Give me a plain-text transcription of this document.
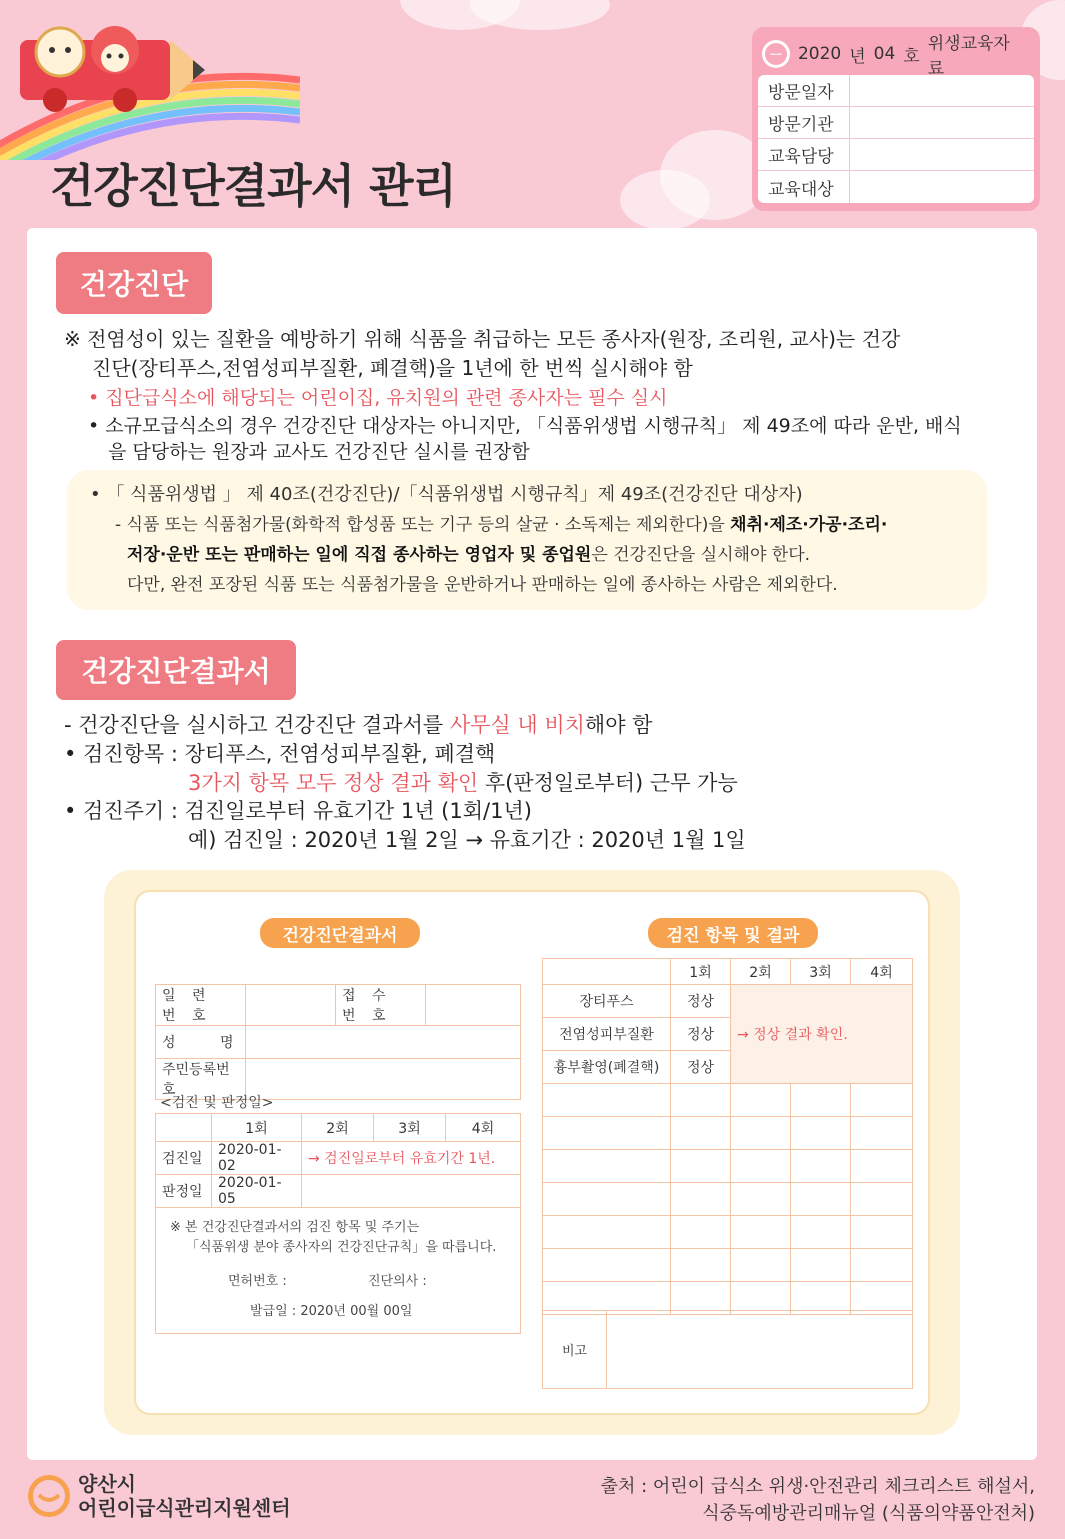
건강진단결과서 관리
ㅡ 2020 년 04 호
위생교육자료
방문일자
방문기관
교육담당
교육대상
건강진단
※ 전염성이 있는 질환을 예방하기 위해 식품을 취급하는 모든 종사자(원장, 조리원, 교사)는 건강
진단(장티푸스,전염성피부질환, 폐결핵)을 1년에 한 번씩 실시해야 함
• 집단급식소에 해당되는 어린이집, 유치원의 관련 종사자는 필수 실시
• 소규모급식소의 경우 건강진단 대상자는 아니지만, 「식품위생법 시행규칙」 제 49조에 따라 운반, 배식
을 담당하는 원장과 교사도 건강진단 실시를 권장함
• 「 식품위생법 」 제 40조(건강진단)/「식품위생법 시행규칙」제 49조(건강진단 대상자)
- 식품 또는 식품첨가물(화학적 합성품 또는 기구 등의 살균 · 소독제는 제외한다)을 채취·제조·가공·조리·
저장·운반 또는 판매하는 일에 직접 종사하는 영업자 및 종업원은 건강진단을 실시해야 한다.
다만, 완전 포장된 식품 또는 식품첨가물을 운반하거나 판매하는 일에 종사하는 사람은 제외한다.
건강진단결과서
- 건강진단을 실시하고 건강진단 결과서를 사무실 내 비치해야 함
• 검진항목 : 장티푸스, 전염성피부질환, 폐결핵
3가지 항목 모두 정상 결과 확인 후(판정일로부터) 근무 가능
• 검진주기 : 검진일로부터 유효기간 1년 (1회/1년)
예) 검진일 : 2020년 1월 2일 → 유효기간 : 2020년 1월 1일
건강진단결과서	검진 항목 및 결과
일 련 번 호		접 수 번 호	
성          명			
주민등록번호			
<검진 및 판정일>
	1회	2회	3회	4회
검진일	2020-01-02	→ 검진일로부터 유효기간 1년.		
판정일	2020-01-05			

※ 본 건강진단결과서의 검진 항목 및 주기는
「식품위생 분야 종사자의 건강진단규칙」을 따릅니다.
면허번호 :	진단의사 :
발급일 : 2020년 00월 00일
	1회	2회	3회	4회
장티푸스	정상	→ 정상 결과 확인.		
전염성피부질환	정상			
흉부촬영(폐결핵)	정상			

비고	
양산시
어린이급식관리지원센터
출처 : 어린이 급식소 위생·안전관리 체크리스트 해설서,
식중독예방관리매뉴얼 (식품의약품안전처)
